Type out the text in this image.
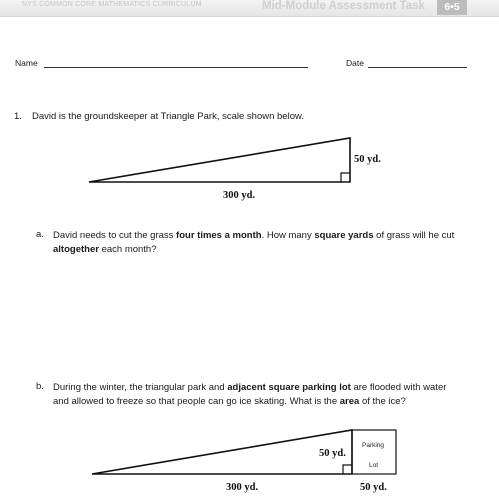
NYS COMMON CORE MATHEMATICS CURRICULUM	Mid-Module Assessment Task	6•5
Name	Date
1. David is the groundskeeper at Triangle Park, scale shown below.
50 yd.
300 yd.
50 yd.
Parking
Lot
300 yd.	50 yd.
a. David needs to cut the grass four times a month. How many square yards of grass will he cut altogether each month?
b. During the winter, the triangular park and adjacent square parking lot are flooded with water and allowed to freeze so that people can go ice skating. What is the area of the ice?
